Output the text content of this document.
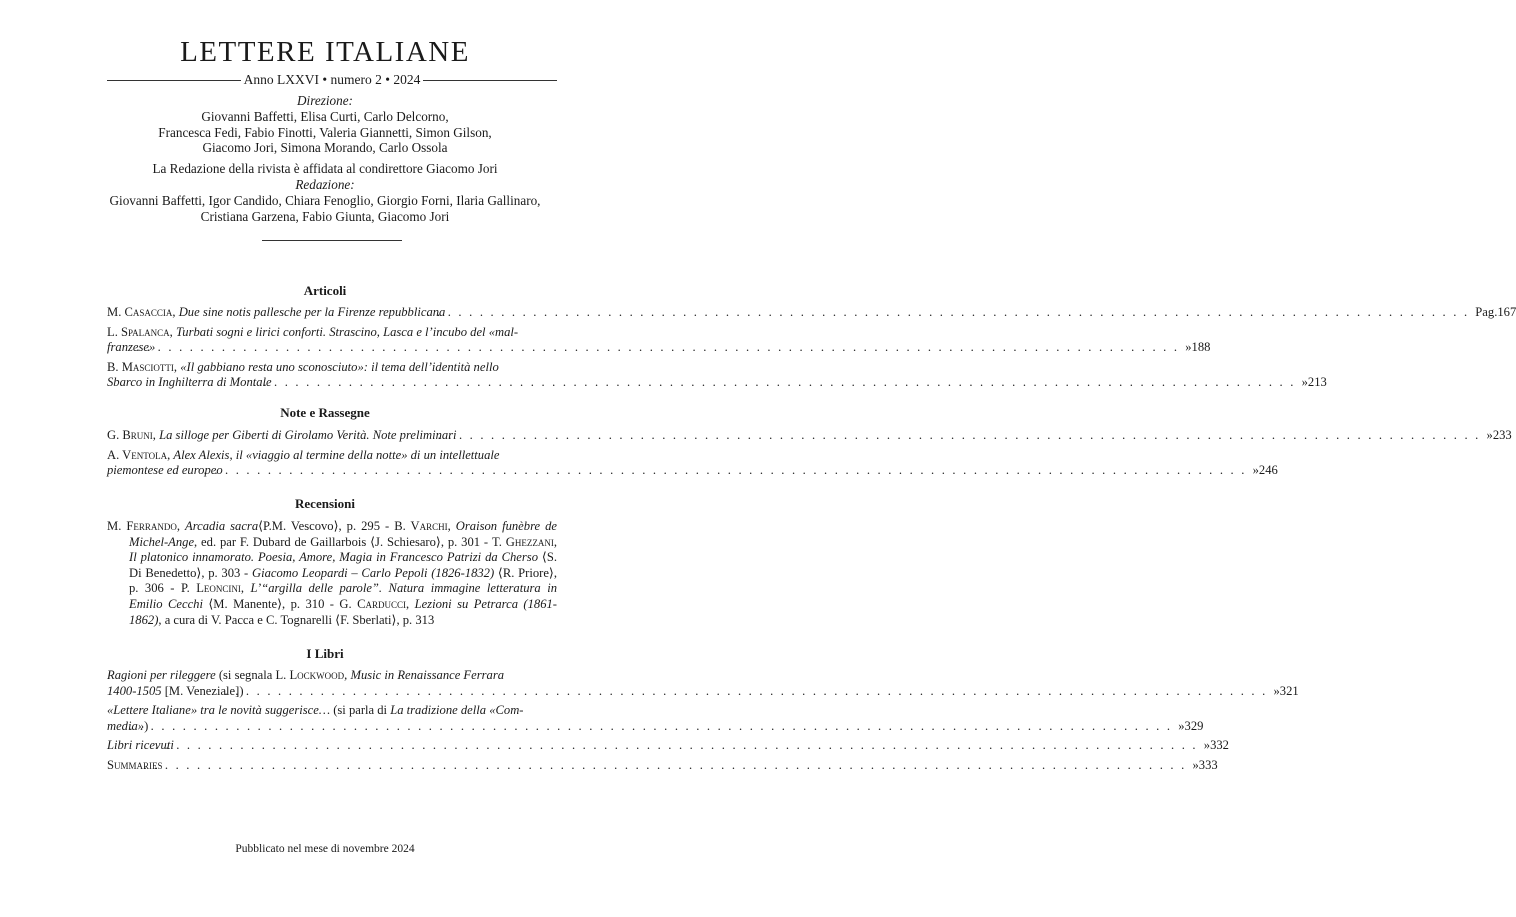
LETTERE ITALIANE
Anno LXXVI • numero 2 • 2024
Direzione:
Giovanni Baffetti, Elisa Curti, Carlo Delcorno,
Francesca Fedi, Fabio Finotti, Valeria Giannetti, Simon Gilson,
Giacomo Jori, Simona Morando, Carlo Ossola
La Redazione della rivista è affidata al condirettore Giacomo Jori
Redazione:
Giovanni Baffetti, Igor Candido, Chiara Fenoglio, Giorgio Forni, Ilaria Gallinaro,
Cristiana Garzena, Fabio Giunta, Giacomo Jori
Articoli
M. Casaccia, Due sine notis pallesche per la Firenze repubblicana . . .	Pag. 167
L. Spalanca, Turbati sogni e lirici conforti. Strascino, Lasca e l’incubo del «mal-
franzese» . . .	» 188
B. Masciotti, «Il gabbiano resta uno sconosciuto»: il tema dell’identità nello
Sbarco in Inghilterra di Montale . . .	» 213
Note e Rassegne
G. Bruni, La silloge per Giberti di Girolamo Verità. Note preliminari . . .	» 233
A. Ventola, Alex Alexis, il «viaggio al termine della notte» di un intellettuale
piemontese ed europeo . . .	» 246
Recensioni

M. Ferrando, Arcadia sacra⟨P.M. Vescovo⟩, p. 295 - B. Varchi, Oraison funèbre de Michel-Ange, ed. par F. Dubard de Gaillarbois ⟨J. Schiesaro⟩, p. 301 - T. Ghezzani, Il platonico innamorato. Poesia, Amore, Magia in Francesco Patrizi da Cherso ⟨S. Di Benedetto⟩, p. 303 - Giacomo Leopardi – Carlo Pepoli (1826-1832) ⟨R. Priore⟩, p. 306 - P. Leoncini, L’“argilla delle parole”. Natura immagine letteratura in Emilio Cecchi ⟨M. Manente⟩, p. 310 - G. Carducci, Lezioni su Petrarca (1861-1862), a cura di V. Pacca e C. Tognarelli ⟨F. Sberlati⟩, p. 313

I Libri
Ragioni per rileggere (si segnala L. Lockwood, Music in Renaissance Ferrara
1400-1505 [M. Veneziale]) . . .	» 321
«Lettere Italiane» tra le novità suggerisce… (si parla di La tradizione della «Com-
media») . . .	» 329
Libri ricevuti . . .	» 332
Summaries . . .	» 333
Pubblicato nel mese di novembre 2024
